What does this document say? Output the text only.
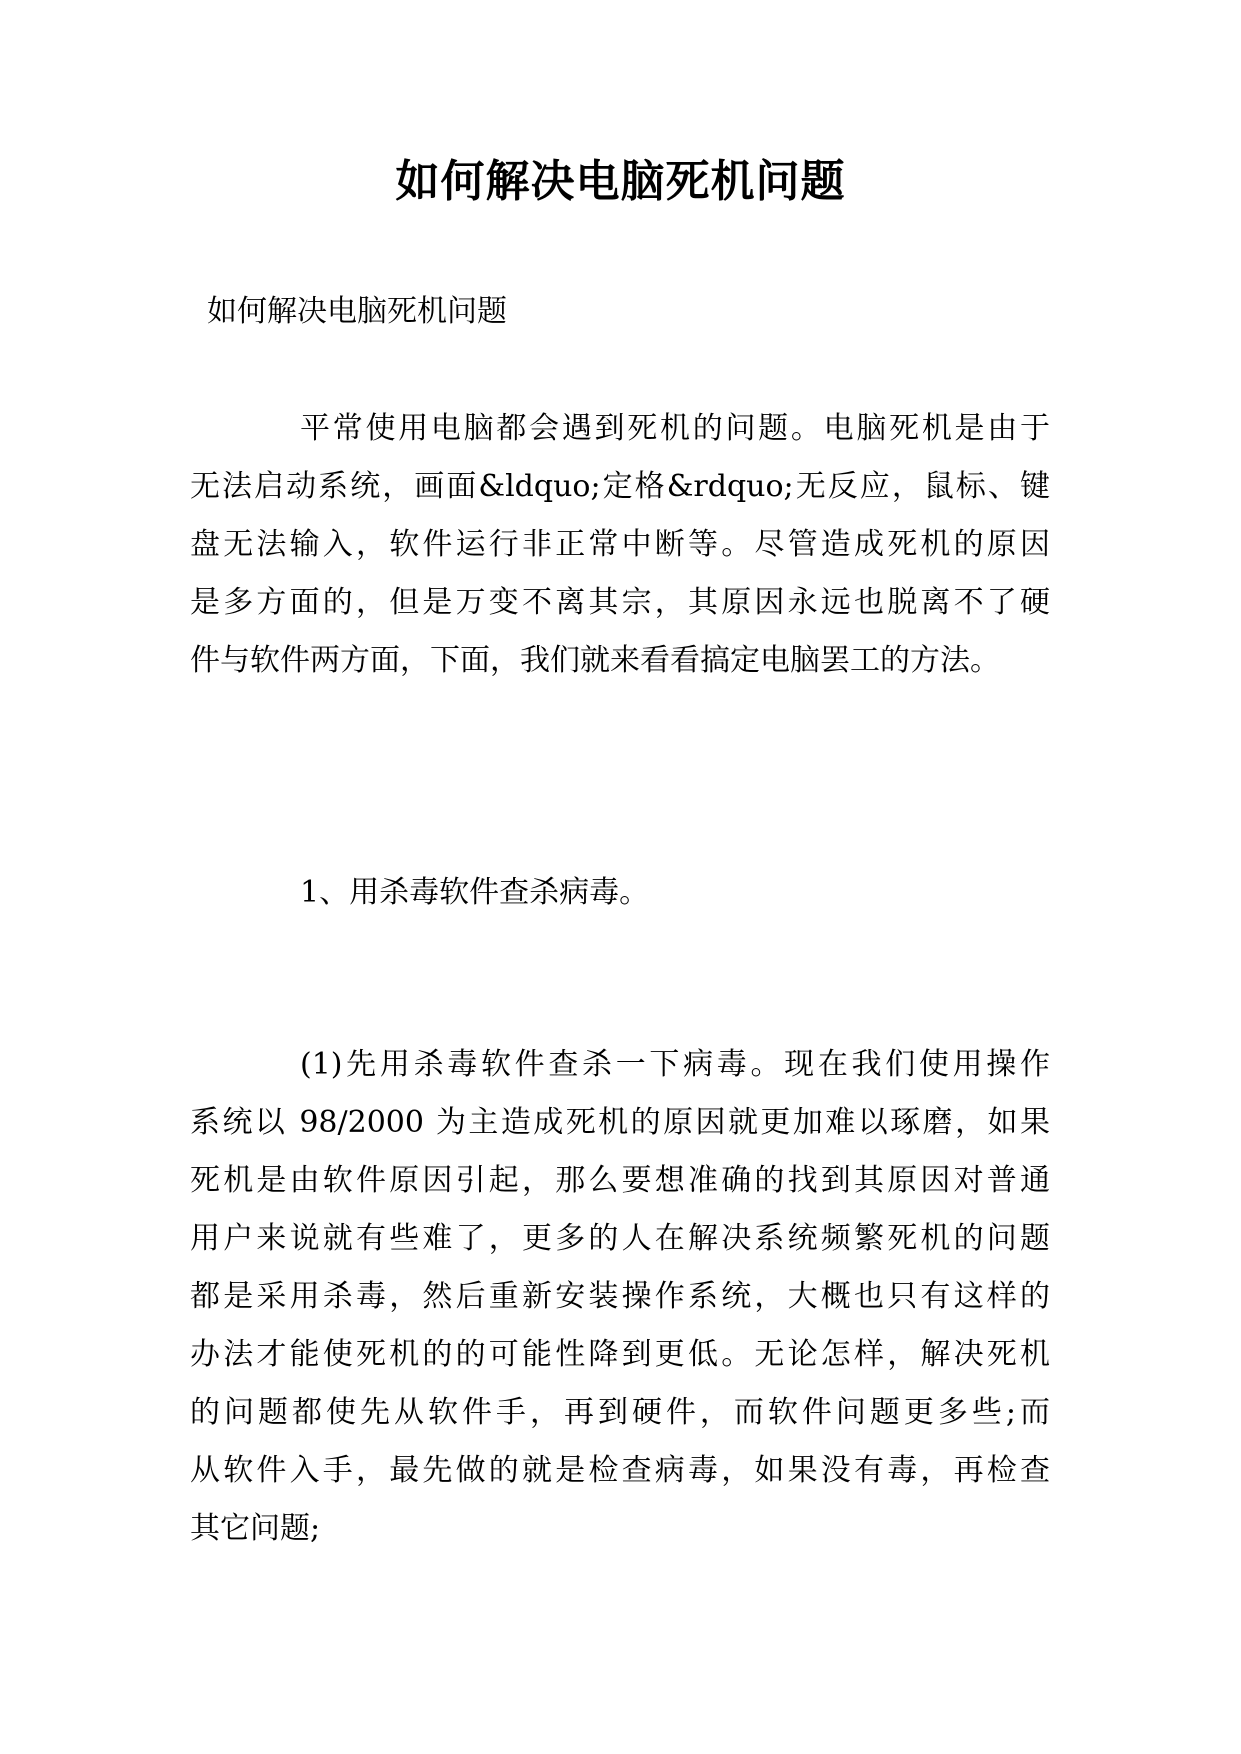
如何解决电脑死机问题
如何解决电脑死机问题
平常使用电脑都会遇到死机的问题。电脑死机是由于
无法启动系统，画面&ldquo;定格&rdquo;无反应，鼠标、键
盘无法输入，软件运行非正常中断等。尽管造成死机的原因
是多方面的，但是万变不离其宗，其原因永远也脱离不了硬
件与软件两方面，下面，我们就来看看搞定电脑罢工的方法。
1、用杀毒软件查杀病毒。
(1)先用杀毒软件查杀一下病毒。现在我们使用操作
系统以 98/2000 为主造成死机的原因就更加难以琢磨，如果
死机是由软件原因引起，那么要想准确的找到其原因对普通
用户来说就有些难了，更多的人在解决系统频繁死机的问题
都是采用杀毒，然后重新安装操作系统，大概也只有这样的
办法才能使死机的的可能性降到更低。无论怎样，解决死机
的问题都使先从软件手，再到硬件，而软件问题更多些;而
从软件入手，最先做的就是检查病毒，如果没有毒，再检查
其它问题;
